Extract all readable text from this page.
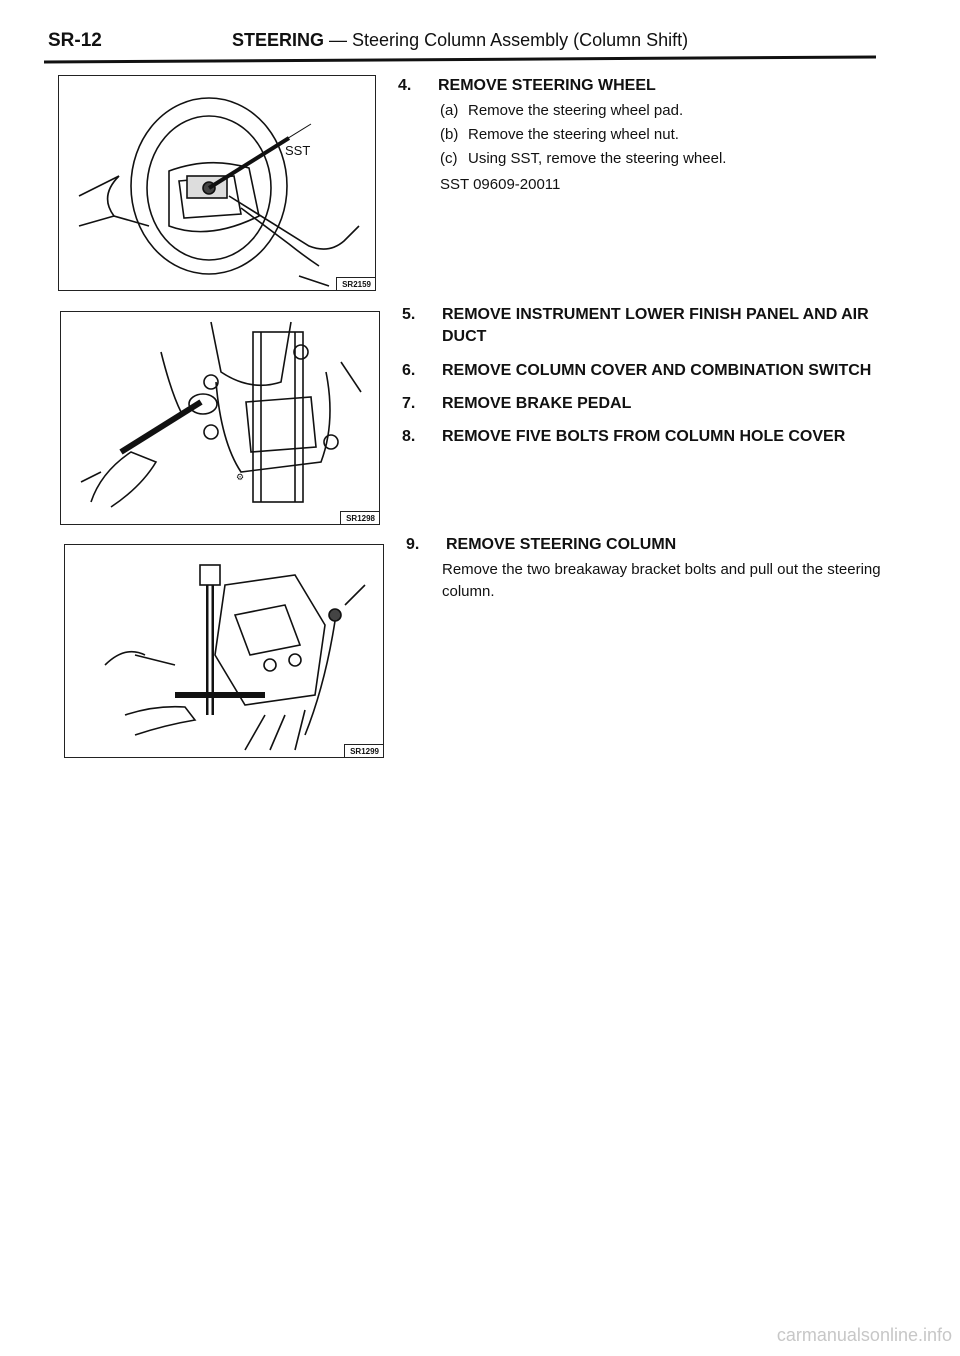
SR-12	STEERING — Steering Column Assembly (Column Shift)
SST
SR2159
⚙
SR1298
SR1299
4. REMOVE STEERING WHEEL
(a) Remove the steering wheel pad.
(b) Remove the steering wheel nut.
(c) Using SST, remove the steering wheel.
SST 09609-20011
5. REMOVE INSTRUMENT LOWER FINISH PANEL AND AIR DUCT
6. REMOVE COLUMN COVER AND COMBINATION SWITCH
7. REMOVE BRAKE PEDAL
8. REMOVE FIVE BOLTS FROM COLUMN HOLE COVER
9. REMOVE STEERING COLUMN
Remove the two breakaway bracket bolts and pull out the steering column.
carmanualsonline.info
